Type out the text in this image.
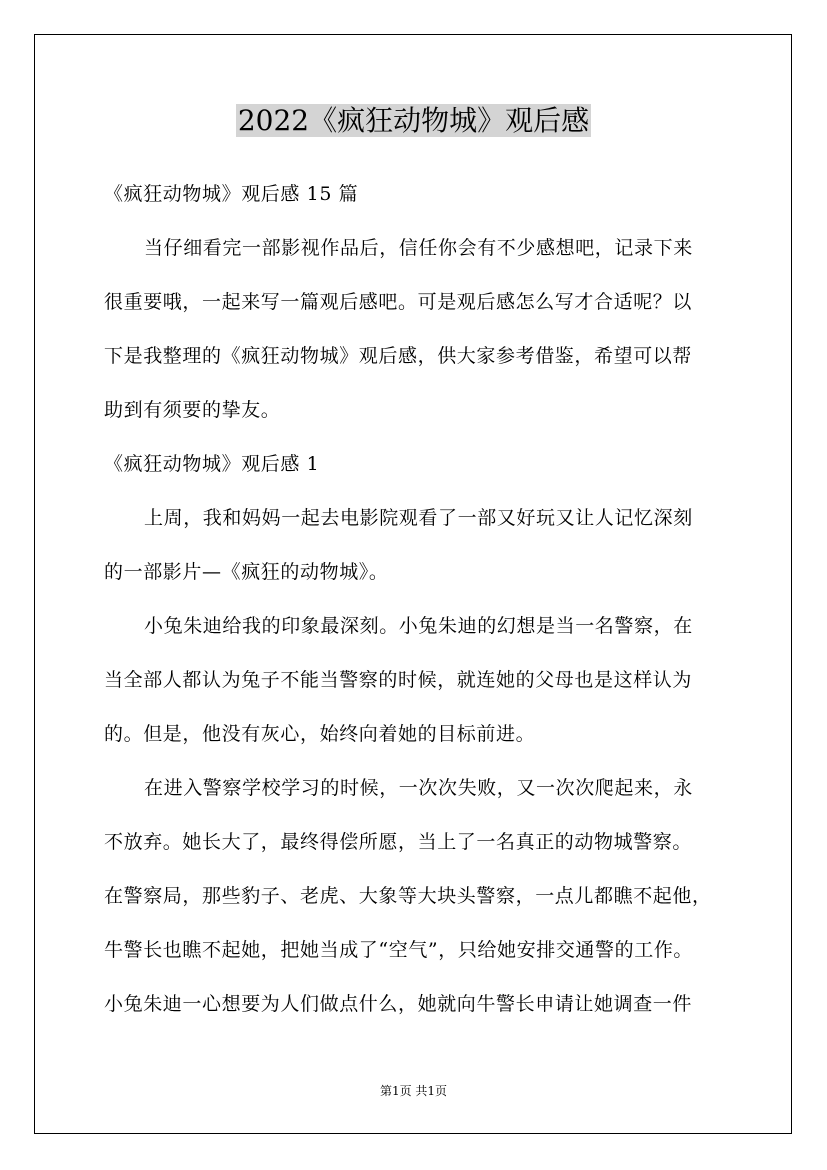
2022《疯狂动物城》观后感
《疯狂动物城》观后感 15 篇
当仔细看完一部影视作品后，信任你会有不少感想吧，记录下来
很重要哦，一起来写一篇观后感吧。可是观后感怎么写才合适呢？以
下是我整理的《疯狂动物城》观后感，供大家参考借鉴，希望可以帮
助到有须要的挚友。
《疯狂动物城》观后感 1
上周，我和妈妈一起去电影院观看了一部又好玩又让人记忆深刻
的一部影片—《疯狂的动物城》。
小兔朱迪给我的印象最深刻。小兔朱迪的幻想是当一名警察，在
当全部人都认为兔子不能当警察的时候，就连她的父母也是这样认为
的。但是，他没有灰心，始终向着她的目标前进。
在进入警察学校学习的时候，一次次失败，又一次次爬起来，永
不放弃。她长大了，最终得偿所愿，当上了一名真正的动物城警察。
在警察局，那些豹子、老虎、大象等大块头警察，一点儿都瞧不起他，
牛警长也瞧不起她，把她当成了“空气”，只给她安排交通警的工作。
小兔朱迪一心想要为人们做点什么，她就向牛警长申请让她调查一件
第1页 共1页
